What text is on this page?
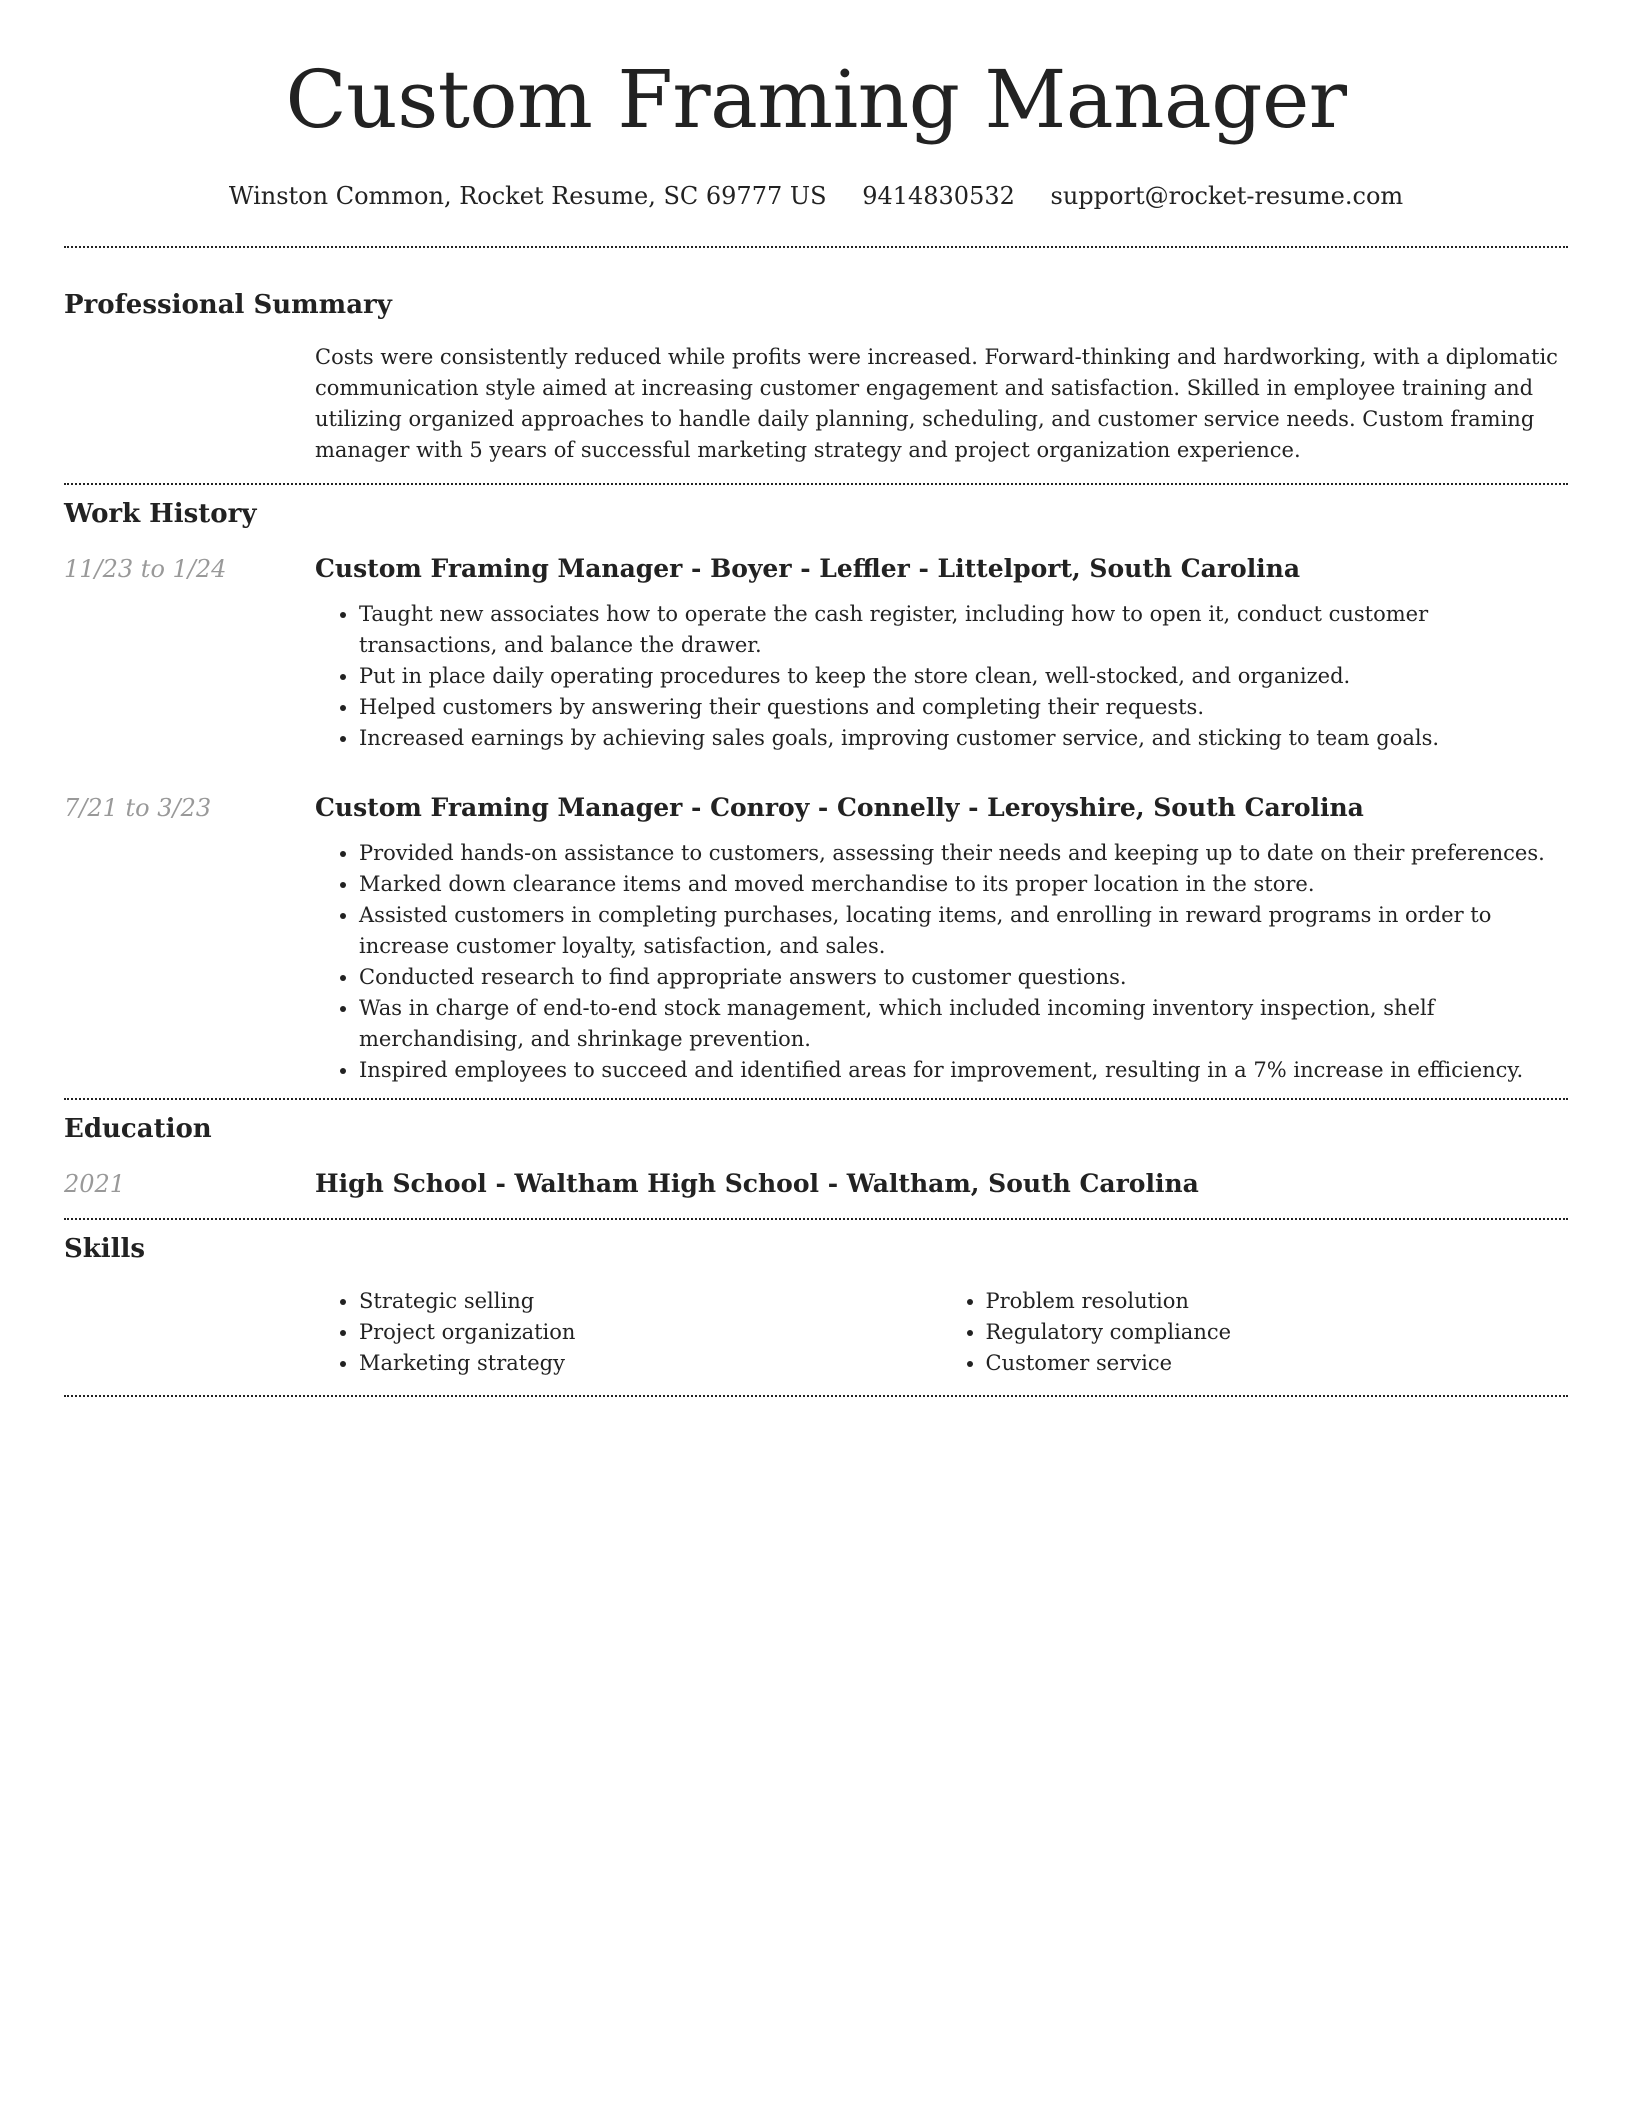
Custom Framing Manager
Winston Common, Rocket Resume, SC 69777 US 9414830532 support@rocket-resume.com
Professional Summary

Costs were consistently reduced while profits were increased. Forward-thinking and hardworking, with a diplomatic communication style aimed at increasing customer engagement and satisfaction. Skilled in employee training and utilizing organized approaches to handle daily planning, scheduling, and customer service needs. Custom framing manager with 5 years of successful marketing strategy and project organization experience.

Work History
11/23 to 1/24	Custom Framing Manager - Boyer - Leffler - Littelport, South Carolina
• Taught new associates how to operate the cash register, including how to open it, conduct customer transactions, and balance the drawer.
• Put in place daily operating procedures to keep the store clean, well-stocked, and organized.
• Helped customers by answering their questions and completing their requests.
• Increased earnings by achieving sales goals, improving customer service, and sticking to team goals.
7/21 to 3/23	Custom Framing Manager - Conroy - Connelly - Leroyshire, South Carolina
• Provided hands-on assistance to customers, assessing their needs and keeping up to date on their preferences.
• Marked down clearance items and moved merchandise to its proper location in the store.
• Assisted customers in completing purchases, locating items, and enrolling in reward programs in order to increase customer loyalty, satisfaction, and sales.
• Conducted research to find appropriate answers to customer questions.
• Was in charge of end-to-end stock management, which included incoming inventory inspection, shelf merchandising, and shrinkage prevention.
• Inspired employees to succeed and identified areas for improvement, resulting in a 7% increase in efficiency.
Education
2021	High School - Waltham High School - Waltham, South Carolina
Skills
• Strategic selling
• Project organization
• Marketing strategy
• Problem resolution
• Regulatory compliance
• Customer service
